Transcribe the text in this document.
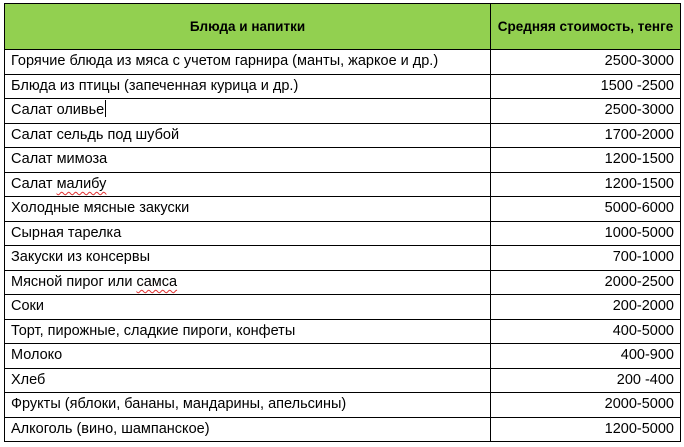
Блюда и напитки	Средняя стоимость, тенге
Горячие блюда из мяса с учетом гарнира (манты, жаркое и др.)	2500-3000
Блюда из птицы (запеченная курица и др.)	1500 -2500
Салат оливье	2500-3000
Салат сельдь под шубой	1700-2000
Салат мимоза	1200-1500
Салат малибу	1200-1500
Холодные мясные закуски	5000-6000
Сырная тарелка	1000-5000
Закуски из консервы	700-1000
Мясной пирог или самса	2000-2500
Соки	200-2000
Торт, пирожные, сладкие пироги, конфеты	400-5000
Молоко	400-900
Хлеб	200 -400
Фрукты (яблоки, бананы, мандарины, апельсины)	2000-5000
Алкоголь (вино, шампанское)	1200-5000
